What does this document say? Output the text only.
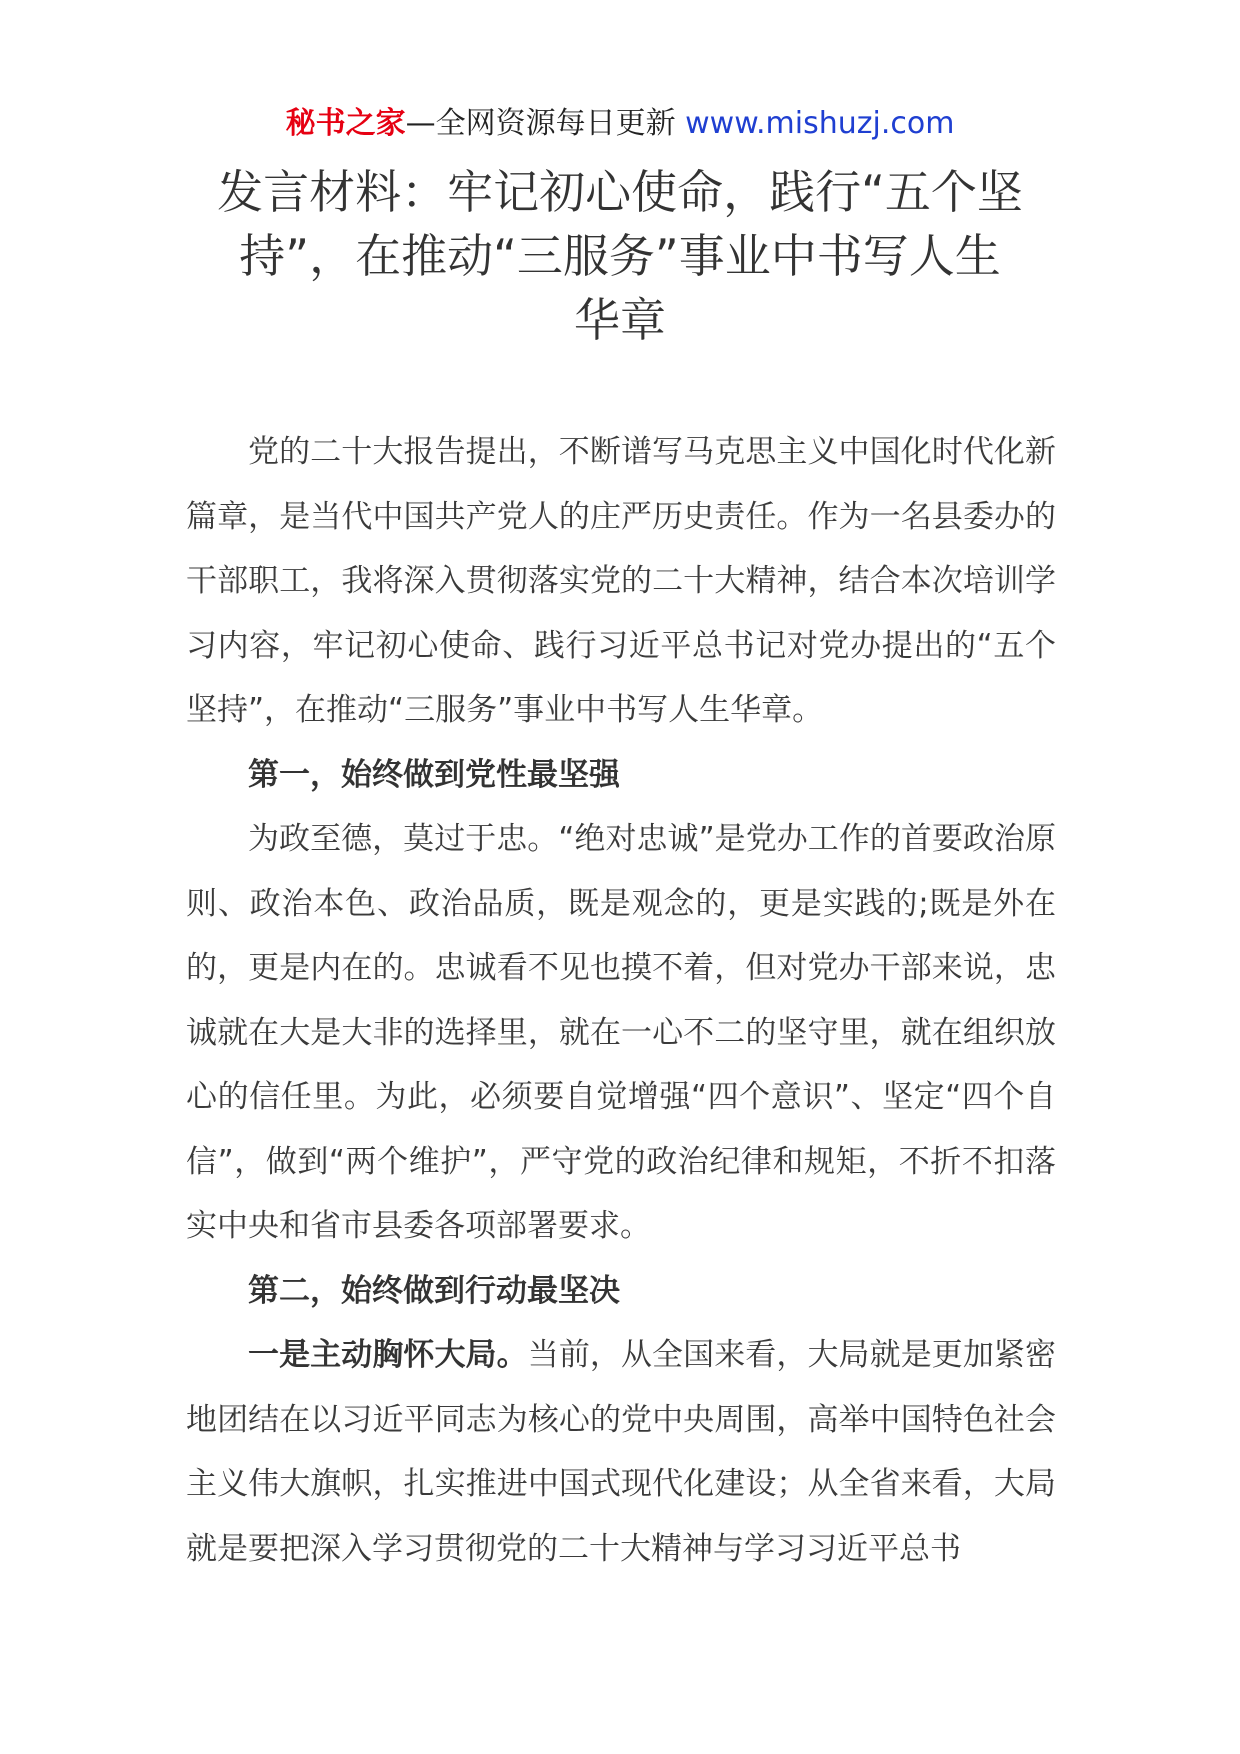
秘书之家—全网资源每日更新 www.mishuzj.com
发言材料：牢记初心使命，践行“五个坚
持”，在推动“三服务”事业中书写人生
华章

党的二十大报告提出，不断谱写马克思主义中国化时代化新篇章，是当代中国共产党人的庄严历史责任。作为一名县委办的干部职工，我将深入贯彻落实党的二十大精神，结合本次培训学习内容，牢记初心使命、践行习近平总书记对党办提出的“五个坚持”，在推动“三服务”事业中书写人生华章。

第一，始终做到党性最坚强

为政至德，莫过于忠。“绝对忠诚”是党办工作的首要政治原则、政治本色、政治品质，既是观念的，更是实践的;既是外在的，更是内在的。忠诚看不见也摸不着，但对党办干部来说，忠诚就在大是大非的选择里，就在一心不二的坚守里，就在组织放心的信任里。为此，必须要自觉增强“四个意识”、坚定“四个自信”，做到“两个维护”，严守党的政治纪律和规矩，不折不扣落实中央和省市县委各项部署要求。

第二，始终做到行动最坚决

一是主动胸怀大局。当前，从全国来看，大局就是更加紧密地团结在以习近平同志为核心的党中央周围，高举中国特色社会主义伟大旗帜，扎实推进中国式现代化建设；从全省来看，大局就是要把深入学习贯彻党的二十大精神与学习习近平总书
